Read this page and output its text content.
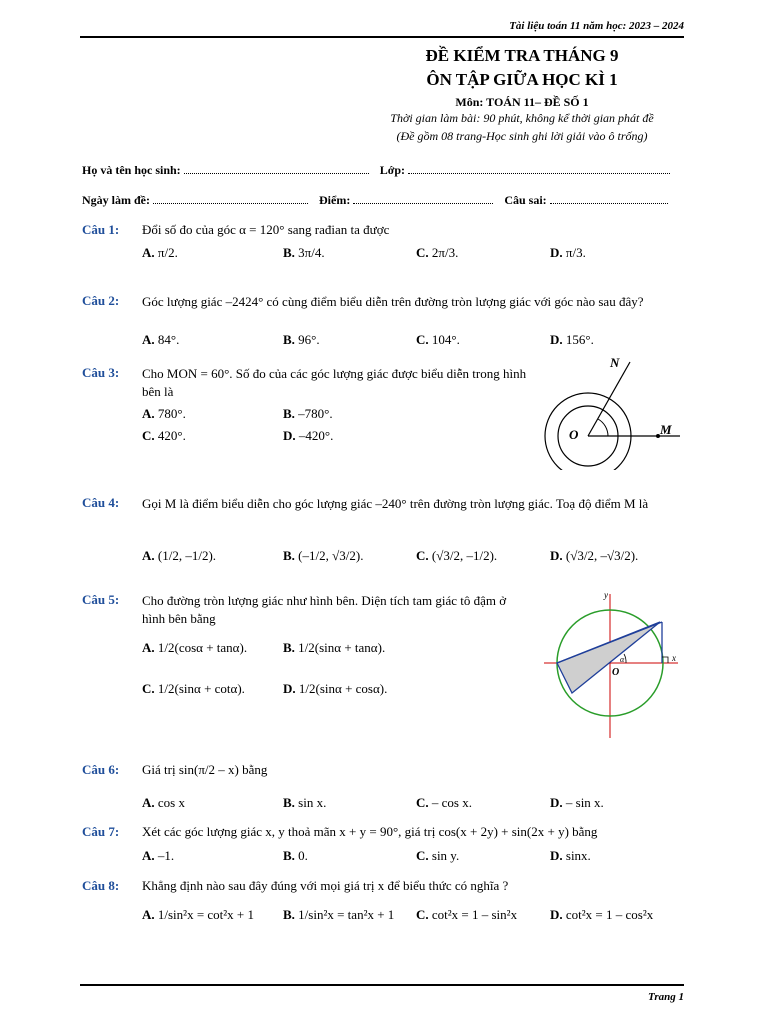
Tài liệu toán 11 năm học: 2023 – 2024
ĐỀ KIỂM TRA THÁNG 9
ÔN TẬP GIỮA HỌC KÌ 1
Môn: TOÁN 11– ĐỀ SỐ 1
Thời gian làm bài: 90 phút, không kể thời gian phát đề
(Đề gồm 08 trang-Học sinh ghi lời giải vào ô trống)
Họ và tên học sinh:	Lớp:
Ngày làm đề:	Điểm:	Câu sai:
Câu 1: Đổi số đo của góc α = 120° sang rađian ta được
A. π/2.	B. 3π/4.	C. 2π/3.	D. π/3.
Câu 2: Góc lượng giác –2424° có cùng điểm biểu diễn trên đường tròn lượng giác với góc nào sau đây?
A. 84°.	B. 96°.	C. 104°.	D. 156°.
Câu 3: Cho MON = 60°. Số đo của các góc lượng giác được biểu diễn trong hình bên là
A. 780°.	B. –780°.
C. 420°.	D. –420°.
N
O	M
Câu 4: Gọi M là điểm biểu diễn cho góc lượng giác –240° trên đường tròn lượng giác. Toạ độ điểm M là
A. (1/2, –1/2).	B. (–1/2, √3/2).	C. (√3/2, –1/2).	D. (√3/2, –√3/2).
Câu 5: Cho đường tròn lượng giác như hình bên. Diện tích tam giác tô đậm ở hình bên bằng
A. 1/2(cosα + tanα).	B. 1/2(sinα + tanα).
C. 1/2(sinα + cotα).	D. 1/2(sinα + cosα).
y
x
O
α
Câu 6: Giá trị sin(π/2 – x) bằng
A. cos x	B. sin x.	C. – cos x.	D. – sin x.
Câu 7: Xét các góc lượng giác x, y thoả mãn x + y = 90°, giá trị cos(x + 2y) + sin(2x + y) bằng
A. –1.	B. 0.	C. sin y.	D. sinx.
Câu 8: Khẳng định nào sau đây đúng với mọi giá trị x để biểu thức có nghĩa ?
A. 1/sin²x = cot²x + 1 B. 1/sin²x = tan²x + 1 C. cot²x = 1 – sin²x	D. cot²x = 1 – cos²x
Trang 1
